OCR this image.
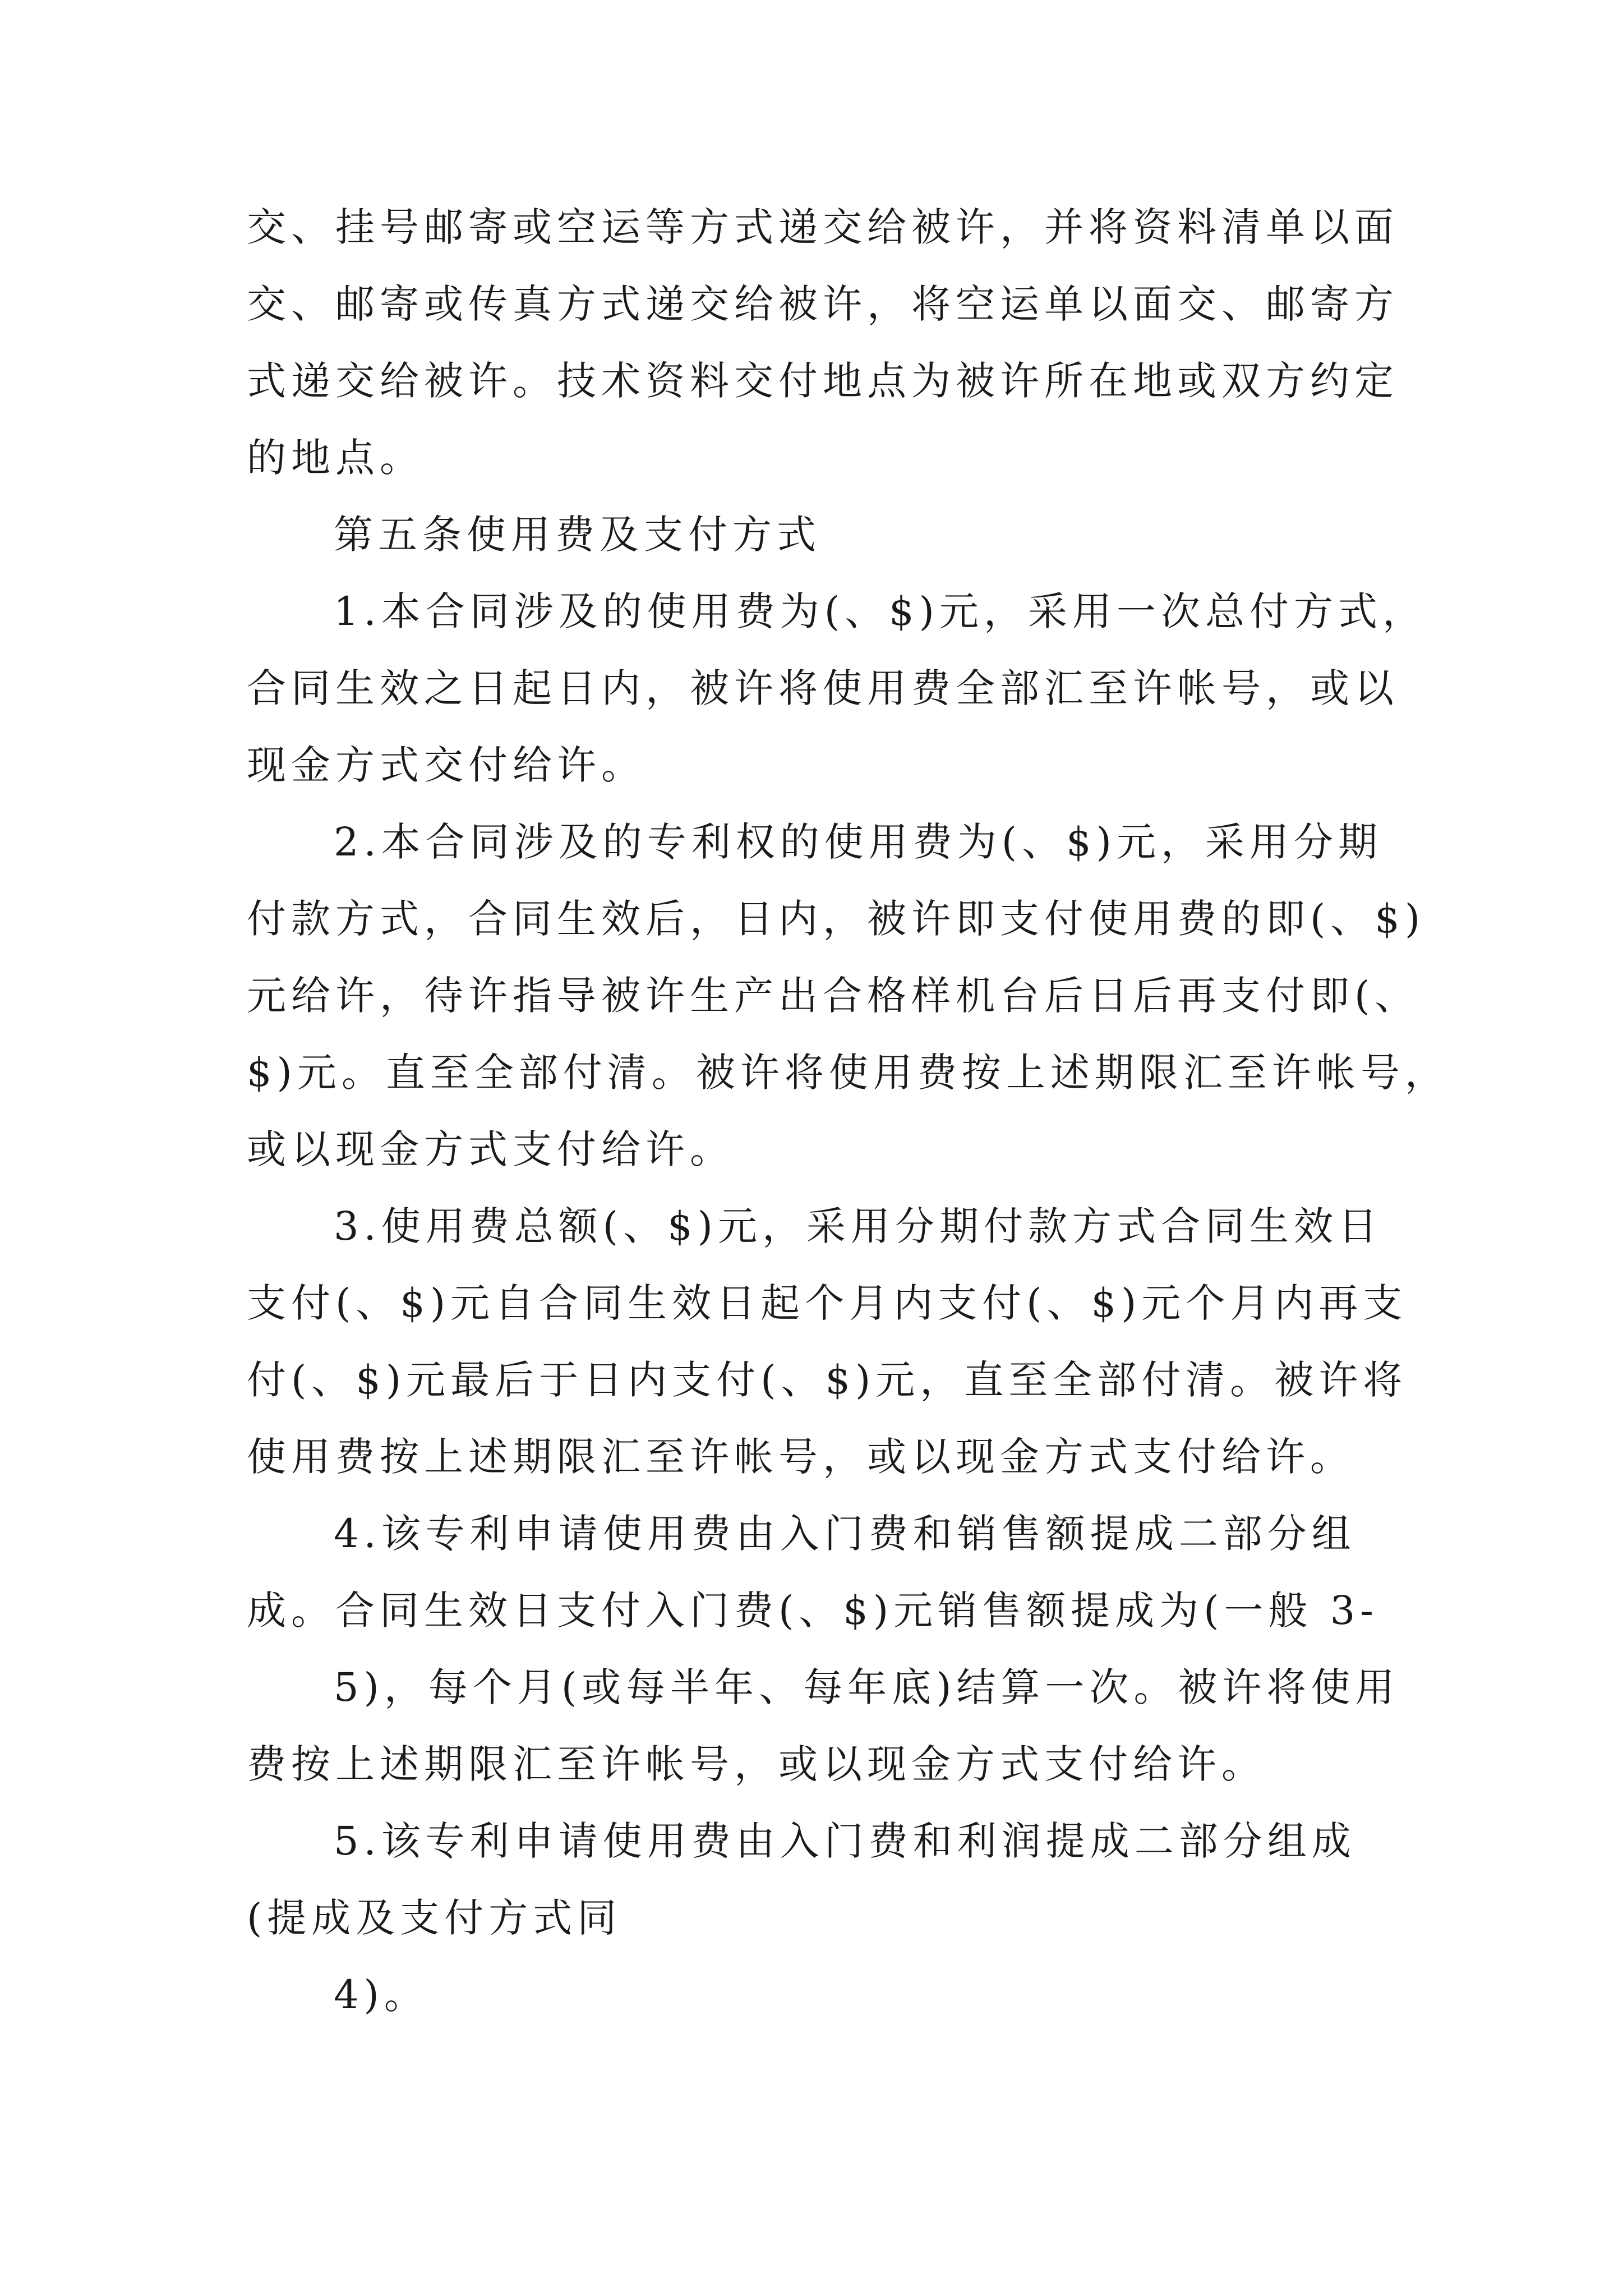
交、挂号邮寄或空运等方式递交给被许，并将资料清单以面
交、邮寄或传真方式递交给被许，将空运单以面交、邮寄方
式递交给被许。技术资料交付地点为被许所在地或双方约定
的地点。
第五条使用费及支付方式
1.本合同涉及的使用费为(、$)元，采用一次总付方式，
合同生效之日起日内，被许将使用费全部汇至许帐号，或以
现金方式交付给许。
2.本合同涉及的专利权的使用费为(、$)元，采用分期
付款方式，合同生效后，日内，被许即支付使用费的即(、$)
元给许，待许指导被许生产出合格样机台后日后再支付即(、
$)元。直至全部付清。被许将使用费按上述期限汇至许帐号，
或以现金方式支付给许。
3.使用费总额(、$)元，采用分期付款方式合同生效日
支付(、$)元自合同生效日起个月内支付(、$)元个月内再支
付(、$)元最后于日内支付(、$)元，直至全部付清。被许将
使用费按上述期限汇至许帐号，或以现金方式支付给许。
4.该专利申请使用费由入门费和销售额提成二部分组
成。合同生效日支付入门费(、$)元销售额提成为(一般 3-
5)，每个月(或每半年、每年底)结算一次。被许将使用
费按上述期限汇至许帐号，或以现金方式支付给许。
5.该专利申请使用费由入门费和利润提成二部分组成
(提成及支付方式同
4)。
